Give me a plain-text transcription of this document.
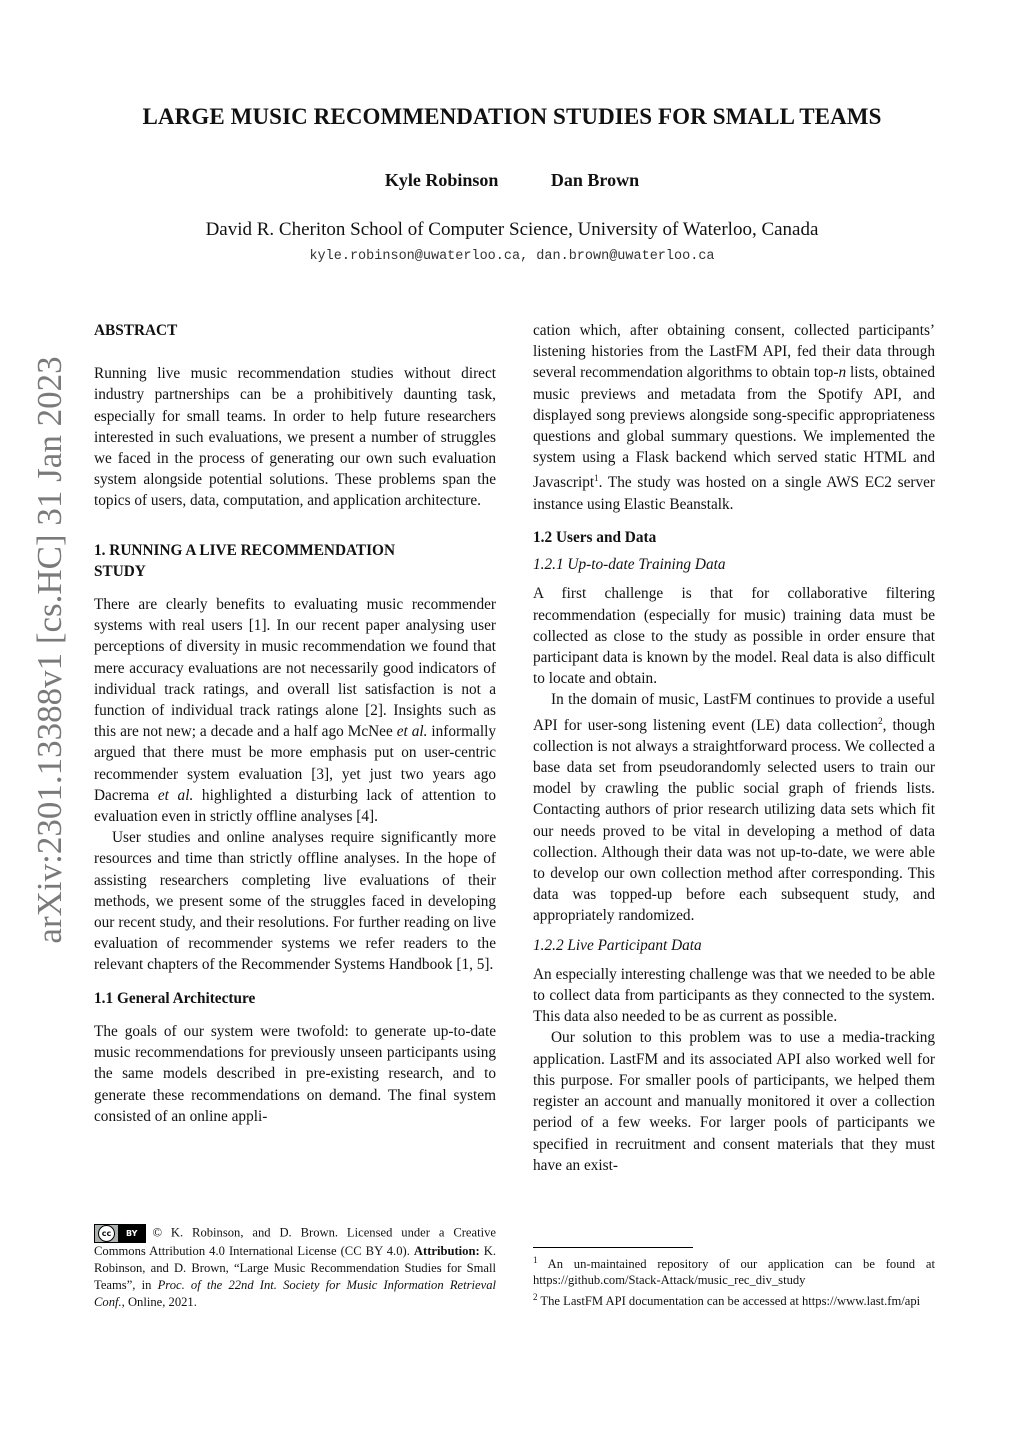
arXiv:2301.13388v1 [cs.HC] 31 Jan 2023
LARGE MUSIC RECOMMENDATION STUDIES FOR SMALL TEAMS
Kyle Robinson	Dan Brown
David R. Cheriton School of Computer Science, University of Waterloo, Canada
kyle.robinson@uwaterloo.ca, dan.brown@uwaterloo.ca

ABSTRACT

Running live music recommendation studies without direct industry partnerships can be a prohibitively daunting task, especially for small teams. In order to help future researchers interested in such evaluations, we present a number of struggles we faced in the process of generating our own such evaluation system alongside potential solutions. These problems span the topics of users, data, computation, and application architecture.

1. RUNNING A LIVE RECOMMENDATION
STUDY

There are clearly benefits to evaluating music recommender systems with real users [1]. In our recent paper analysing user perceptions of diversity in music recommendation we found that mere accuracy evaluations are not necessarily good indicators of individual track ratings, and overall list satisfaction is not a function of individual track ratings alone [2]. Insights such as this are not new; a decade and a half ago McNee et al. informally argued that there must be more emphasis put on user-centric recommender system evaluation [3], yet just two years ago Dacrema et al. highlighted a disturbing lack of attention to evaluation even in strictly offline analyses [4].

User studies and online analyses require significantly more resources and time than strictly offline analyses. In the hope of assisting researchers completing live evaluations of their methods, we present some of the struggles faced in developing our recent study, and their resolutions. For further reading on live evaluation of recommender systems we refer readers to the relevant chapters of the Recommender Systems Handbook [1, 5].

1.1 General Architecture

The goals of our system were twofold: to generate up-to-date music recommendations for previously unseen participants using the same models described in pre-existing research, and to generate these recommendations on demand. The final system consisted of an online appli-

cation which, after obtaining consent, collected participants’ listening histories from the LastFM API, fed their data through several recommendation algorithms to obtain top-n lists, obtained music previews and metadata from the Spotify API, and displayed song previews alongside song-specific appropriateness questions and global summary questions. We implemented the system using a Flask backend which served static HTML and Javascript$^1$. The study was hosted on a single AWS EC2 server instance using Elastic Beanstalk.

1.2 Users and Data

1.2.1 Up-to-date Training Data

A first challenge is that for collaborative filtering recommendation (especially for music) training data must be collected as close to the study as possible in order ensure that participant data is known by the model. Real data is also difficult to locate and obtain.

In the domain of music, LastFM continues to provide a useful API for user-song listening event (LE) data collection$^2$, though collection is not always a straightforward process. We collected a base data set from pseudorandomly selected users to train our model by crawling the public social graph of friends lists. Contacting authors of prior research utilizing data sets which fit our needs proved to be vital in developing a method of data collection. Although their data was not up-to-date, we were able to develop our own collection method after corresponding. This data was topped-up before each subsequent study, and appropriately randomized.

1.2.2 Live Participant Data

An especially interesting challenge was that we needed to be able to collect data from participants as they connected to the system. This data also needed to be as current as possible.

Our solution to this problem was to use a media-tracking application. LastFM and its associated API also worked well for this purpose. For smaller pools of participants, we helped them register an account and manually monitored it over a collection period of a few weeks. For larger pools of participants we specified in recruitment and consent materials that they must have an exist-

cc	BY	© K. Robinson, and D. Brown. Licensed under a Creative Commons Attribution 4.0 International License (CC BY 4.0). Attribution: K. Robinson, and D. Brown, “Large Music Recommendation Studies for Small Teams”, in Proc. of the 22nd Int. Society for Music Information Retrieval Conf., Online, 2021.

$^1$ An un-maintained repository of our application can be found at https://github.com/Stack-Attack/music_rec_div_study

$^2$ The LastFM API documentation can be accessed at https://www.last.fm/api
